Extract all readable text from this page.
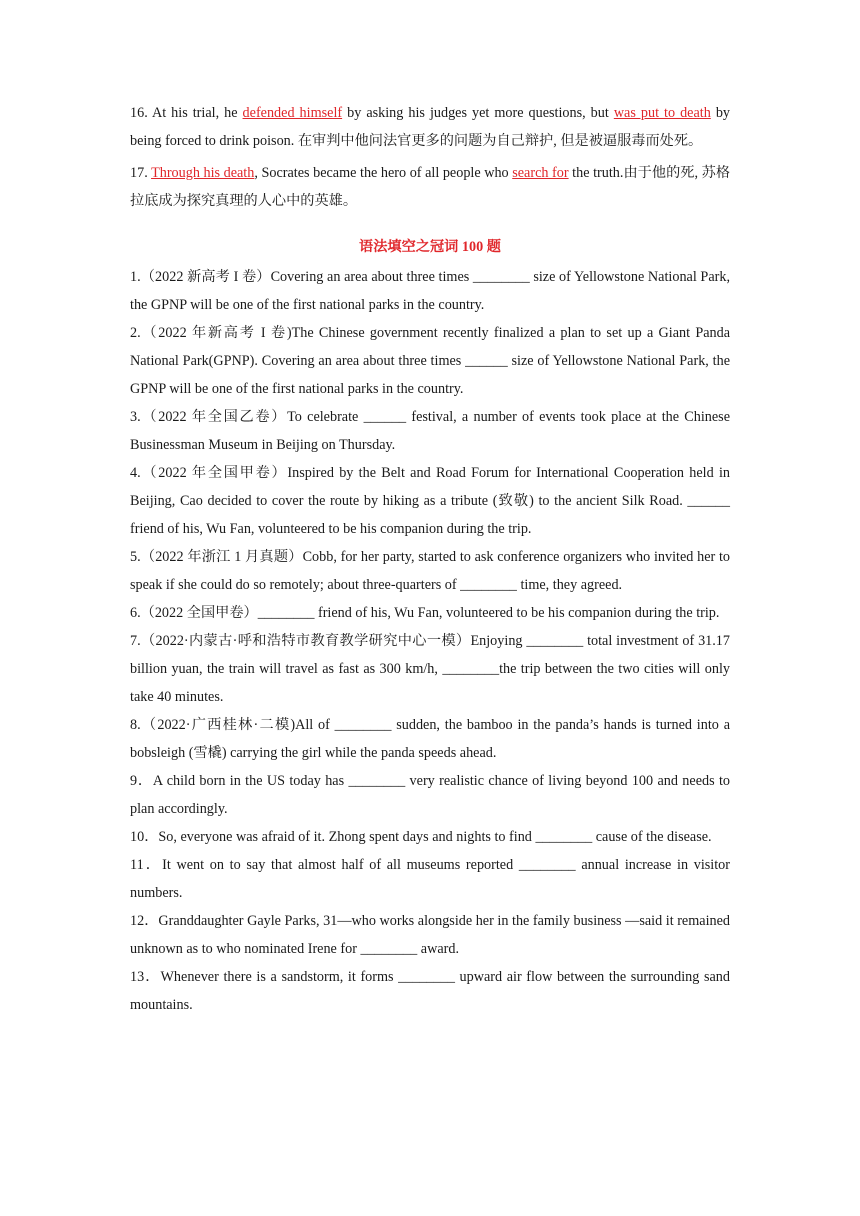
16. At his trial, he defended himself by asking his judges yet more questions, but was put to death by being forced to drink poison. 在审判中他问法官更多的问题为自己辩护, 但是被逼服毒而处死。

17. Through his death, Socrates became the hero of all people who search for the truth.由于他的死, 苏格拉底成为探究真理的人心中的英雄。

语法填空之冠词 100 题

1.（2022 新高考 I 卷）Covering an area about three times ________ size of Yellowstone National Park, the GPNP will be one of the first national parks in the country.

2.（2022 年新高考 I 卷)The Chinese government recently finalized a plan to set up a Giant Panda National Park(GPNP). Covering an area about three times ______ size of Yellowstone National Park, the GPNP will be one of the first national parks in the country.

3.（2022 年全国乙卷）To celebrate ______ festival, a number of events took place at the Chinese Businessman Museum in Beijing on Thursday.

4.（2022 年全国甲卷）Inspired by the Belt and Road Forum for International Cooperation held in Beijing, Cao decided to cover the route by hiking as a tribute (致敬) to the ancient Silk Road. ______ friend of his, Wu Fan, volunteered to be his companion during the trip.

5.（2022 年浙江 1 月真题）Cobb, for her party, started to ask conference organizers who invited her to speak if she could do so remotely; about three-quarters of ________ time, they agreed.

6.（2022 全国甲卷）________ friend of his, Wu Fan, volunteered to be his companion during the trip.

7.（2022·内蒙古·呼和浩特市教育教学研究中心一模）Enjoying ________ total investment of 31.17 billion yuan, the train will travel as fast as 300 km/h, ________the trip between the two cities will only take 40 minutes.

8.（2022·广西桂林·二模)All of ________ sudden, the bamboo in the panda’s hands is turned into a bobsleigh (雪橇) carrying the girl while the panda speeds ahead.

9．A child born in the US today has ________ very realistic chance of living beyond 100 and needs to plan accordingly.

10．So, everyone was afraid of it. Zhong spent days and nights to find ________ cause of the disease.

11．It went on to say that almost half of all museums reported ________ annual increase in visitor numbers.

12．Granddaughter Gayle Parks, 31—who works alongside her in the family business —said it remained unknown as to who nominated Irene for ________ award.

13．Whenever there is a sandstorm, it forms ________ upward air flow between the surrounding sand mountains.
